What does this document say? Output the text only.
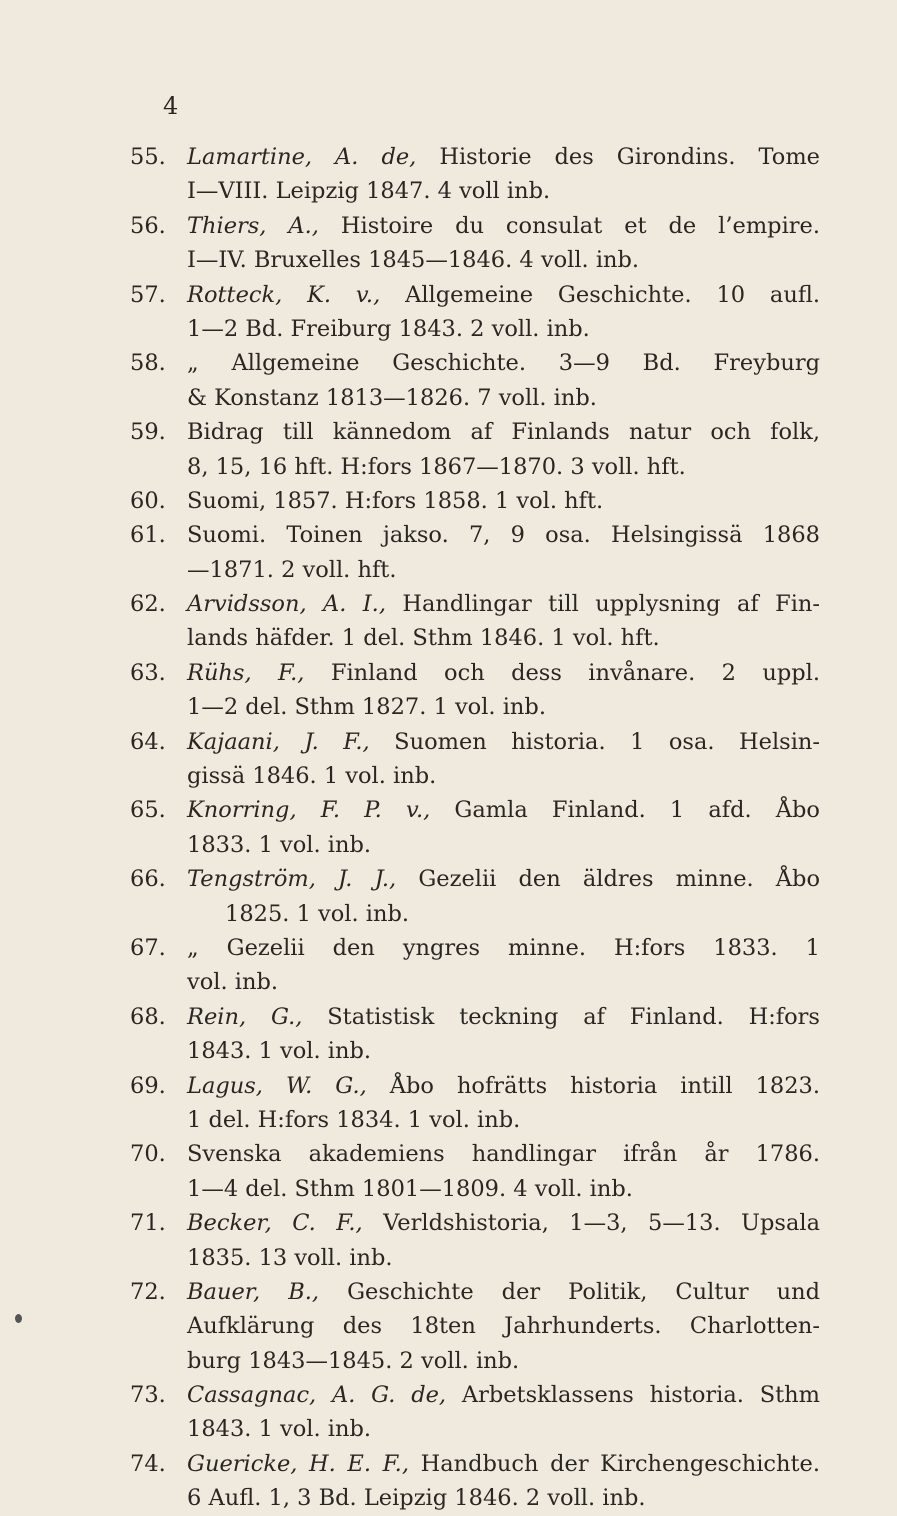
4
55. Lamartine, A. de, Historie des Girondins. Tome
I—VIII. Leipzig 1847. 4 voll inb.
56. Thiers, A., Histoire du consulat et de l’empire.
I—IV. Bruxelles 1845—1846. 4 voll. inb.
57. Rotteck, K. v., Allgemeine Geschichte. 10 aufl.
1—2 Bd. Freiburg 1843. 2 voll. inb.
58. „ Allgemeine Geschichte. 3—9 Bd. Freyburg
& Konstanz 1813—1826. 7 voll. inb.
59. Bidrag till kännedom af Finlands natur och folk,
8, 15, 16 hft. H:fors 1867—1870. 3 voll. hft.
60. Suomi, 1857. H:fors 1858. 1 vol. hft.
61. Suomi. Toinen jakso. 7, 9 osa. Helsingissä 1868
—1871. 2 voll. hft.
62. Arvidsson, A. I., Handlingar till upplysning af Fin-
lands häfder. 1 del. Sthm 1846. 1 vol. hft.
63. Rühs, F., Finland och dess invånare. 2 uppl.
1—2 del. Sthm 1827. 1 vol. inb.
64. Kajaani, J. F., Suomen historia. 1 osa. Helsin-
gissä 1846. 1 vol. inb.
65. Knorring, F. P. v., Gamla Finland. 1 afd. Åbo
1833. 1 vol. inb.
66. Tengström, J. J., Gezelii den äldres minne. Åbo
1825. 1 vol. inb.
67. „ Gezelii den yngres minne. H:fors 1833. 1
vol. inb.
68. Rein, G., Statistisk teckning af Finland. H:fors
1843. 1 vol. inb.
69. Lagus, W. G., Åbo hofrätts historia intill 1823.
1 del. H:fors 1834. 1 vol. inb.
70. Svenska akademiens handlingar ifrån år 1786.
1—4 del. Sthm 1801—1809. 4 voll. inb.
71. Becker, C. F., Verldshistoria, 1—3, 5—13. Upsala
1835. 13 voll. inb.
72. Bauer, B., Geschichte der Politik, Cultur und
Aufklärung des 18ten Jahrhunderts. Charlotten-
burg 1843—1845. 2 voll. inb.
73. Cassagnac, A. G. de, Arbetsklassens historia. Sthm
1843. 1 vol. inb.
74. Guericke, H. E. F., Handbuch der Kirchengeschichte.
6 Aufl. 1, 3 Bd. Leipzig 1846. 2 voll. inb.
